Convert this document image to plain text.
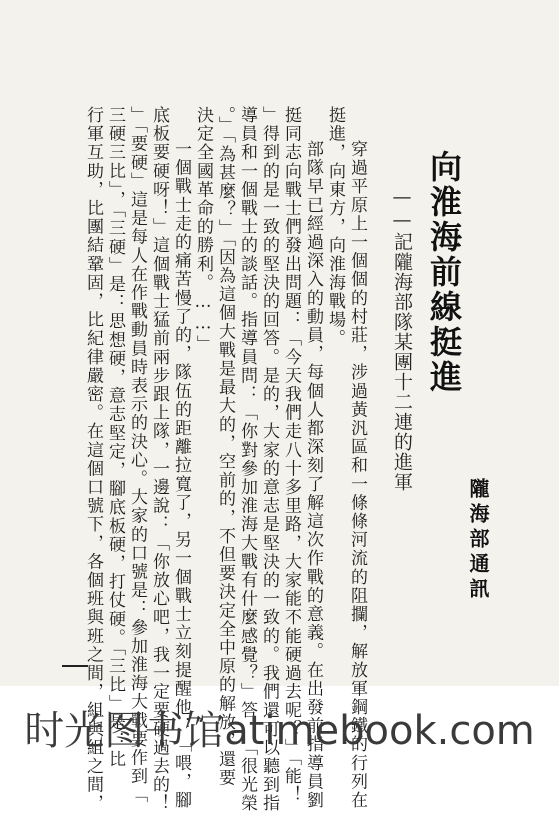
向淮海前線挺進
——記隴海部隊某團十二連的進軍
隴海部通訊
穿過平原上一個個的村莊，涉過黃汎區和一條條河流的阻攔，解放軍鋼鐵的行列在
挺進，向東方，向淮海戰場。
部隊早已經過深入的動員，每個人都深刻了解這次作戰的意義。在出發前指導員劉
挺同志向戰士們發出問題：「今天我們走八十多里路，大家能不能硬過去呢？」「能！
」得到的是一致的堅決的回答。是的，大家的意志是堅決的一致的。我們還可以聽到指
導員和一個戰士的談話。指導員問：「你對參加淮海大戰有什麼感覺？」答：「很光榮
。」「為甚麼？」「因為這個大戰是最大的，空前的，不但要決定全中原的解放，還要
決定全國革命的勝利。……」
一個戰士走的痛苦慢了的，隊伍的距離拉寬了，另一個戰士立刻提醒他：「喂，腳
底板要硬呀！」這個戰士猛前兩步跟上隊，一邊說：「你放心吧，我一定要硬過去的！
」「要硬」這是每人在作戰動員時表示的決心。大家的口號是：參加淮海大戰要作到「
三硬三比」，「三硬」是：思想硬，意志堅定，腳底板硬，打仗硬。「三比」是：比
行軍互助，比團結鞏固，比紀律嚴密。在這個口號下，各個班與班之間，組與組之間，
时光图书馆atimebook.com
